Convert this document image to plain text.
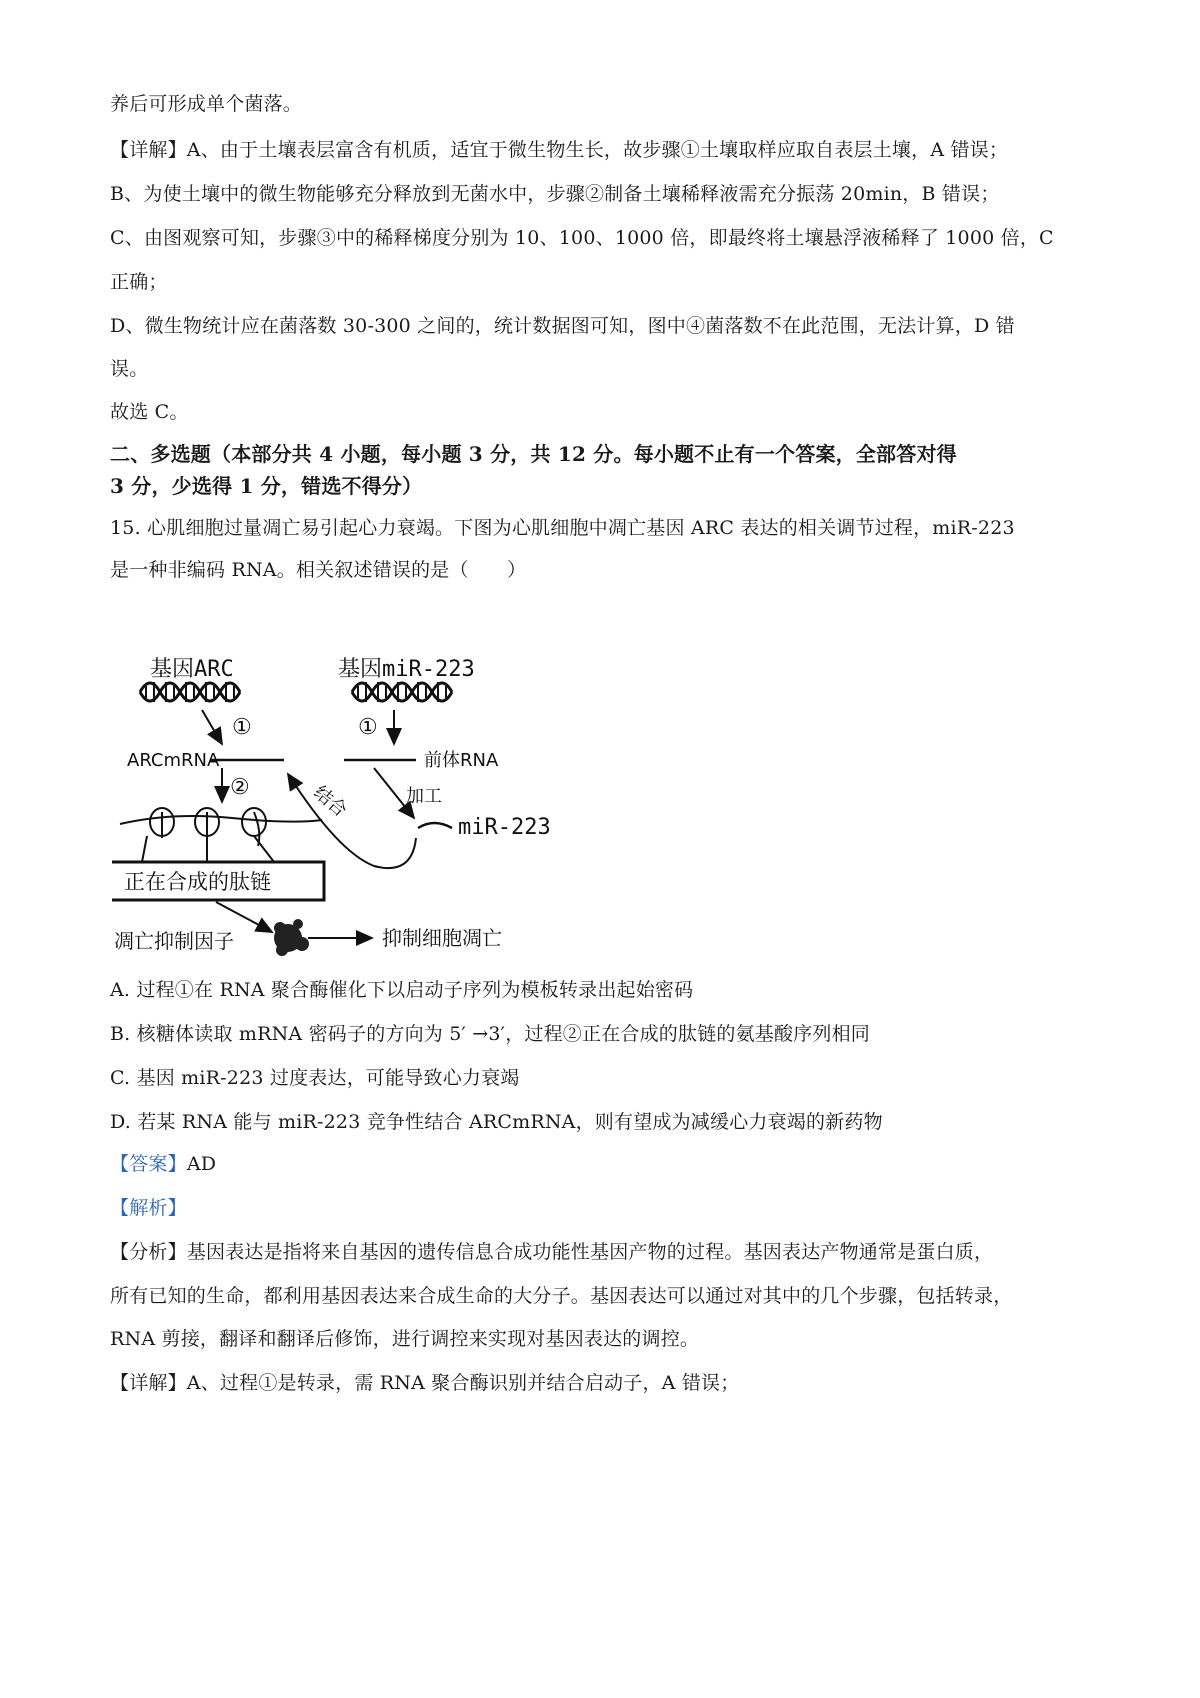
养后可形成单个菌落。
【详解】A、由于土壤表层富含有机质，适宜于微生物生长，故步骤①土壤取样应取自表层土壤，A 错误；
B、为使土壤中的微生物能够充分释放到无菌水中，步骤②制备土壤稀释液需充分振荡 20min，B 错误；
C、由图观察可知，步骤③中的稀释梯度分别为 10、100、1000 倍，即最终将土壤悬浮液稀释了 1000 倍，C
正确；
D、微生物统计应在菌落数 30-300 之间的，统计数据图可知，图中④菌落数不在此范围，无法计算，D 错
误。
故选 C。
二、多选题（本部分共 4 小题，每小题 3 分，共 12 分。每小题不止有一个答案，全部答对得
3 分，少选得 1 分，错选不得分）
15. 心肌细胞过量凋亡易引起心力衰竭。下图为心肌细胞中凋亡基因 ARC 表达的相关调节过程，miR-223
是一种非编码 RNA。相关叙述错误的是（　　）
基因ARC	基因miR-223
①	①
ARCmRNA	前体RNA
加工
miR-223
结合
②
正在合成的肽链
凋亡抑制因子	抑制细胞凋亡
A. 过程①在 RNA 聚合酶催化下以启动子序列为模板转录出起始密码
B. 核糖体读取 mRNA 密码子的方向为 5′ →3′，过程②正在合成的肽链的氨基酸序列相同
C. 基因 miR-223 过度表达，可能导致心力衰竭
D. 若某 RNA 能与 miR-223 竞争性结合 ARCmRNA，则有望成为减缓心力衰竭的新药物
【答案】AD
【解析】
【分析】基因表达是指将来自基因的遗传信息合成功能性基因产物的过程。基因表达产物通常是蛋白质，
所有已知的生命，都利用基因表达来合成生命的大分子。基因表达可以通过对其中的几个步骤，包括转录，
RNA 剪接，翻译和翻译后修饰，进行调控来实现对基因表达的调控。
【详解】A、过程①是转录，需 RNA 聚合酶识别并结合启动子，A 错误；
